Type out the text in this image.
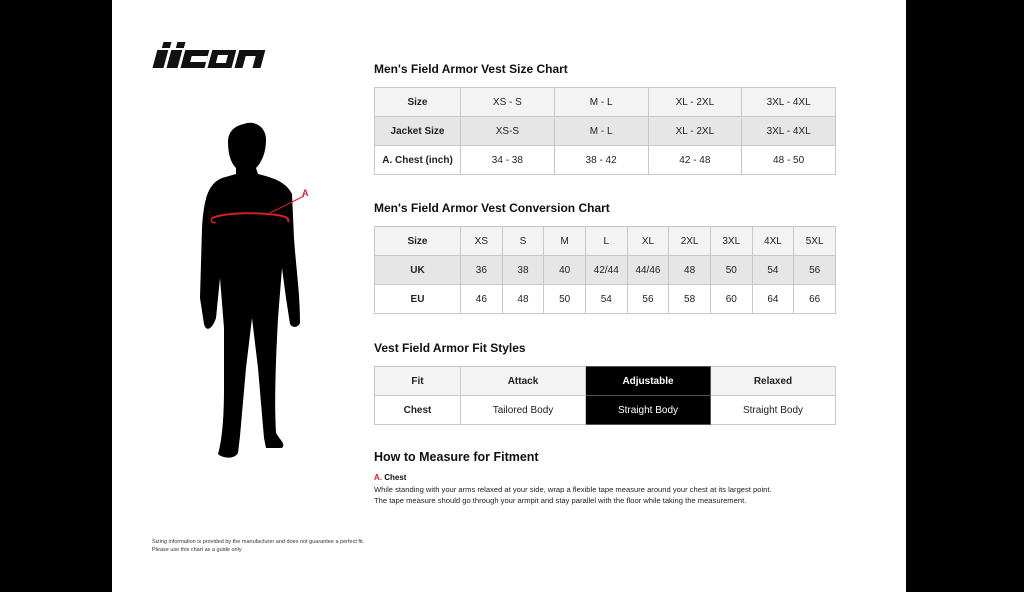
A
Men's Field Armor Vest Size Chart
Size	XS - S	M - L	XL - 2XL	3XL - 4XL
Jacket Size	XS-S	M - L	XL - 2XL	3XL - 4XL
A. Chest (inch)	34 - 38	38 - 42	42 - 48	48 - 50
Men's Field Armor Vest Conversion Chart
Size	XS	S	M	L	XL	2XL	3XL	4XL	5XL
UK	36	38	40	42/44	44/46	48	50	54	56
EU	46	48	50	54	56	58	60	64	66
Vest Field Armor Fit Styles
Fit	Attack	Adjustable	Relaxed
Chest	Tailored Body	Straight Body	Straight Body
How to Measure for Fitment
A. Chest
While standing with your arms relaxed at your side, wrap a flexible tape measure around your chest at its largest point.
The tape measure should go through your armpit and stay parallel with the floor while taking the measurement.
Sizing information is provided by the manufacturer and does not guarantee a perfect fit.
Please use this chart as a guide only
